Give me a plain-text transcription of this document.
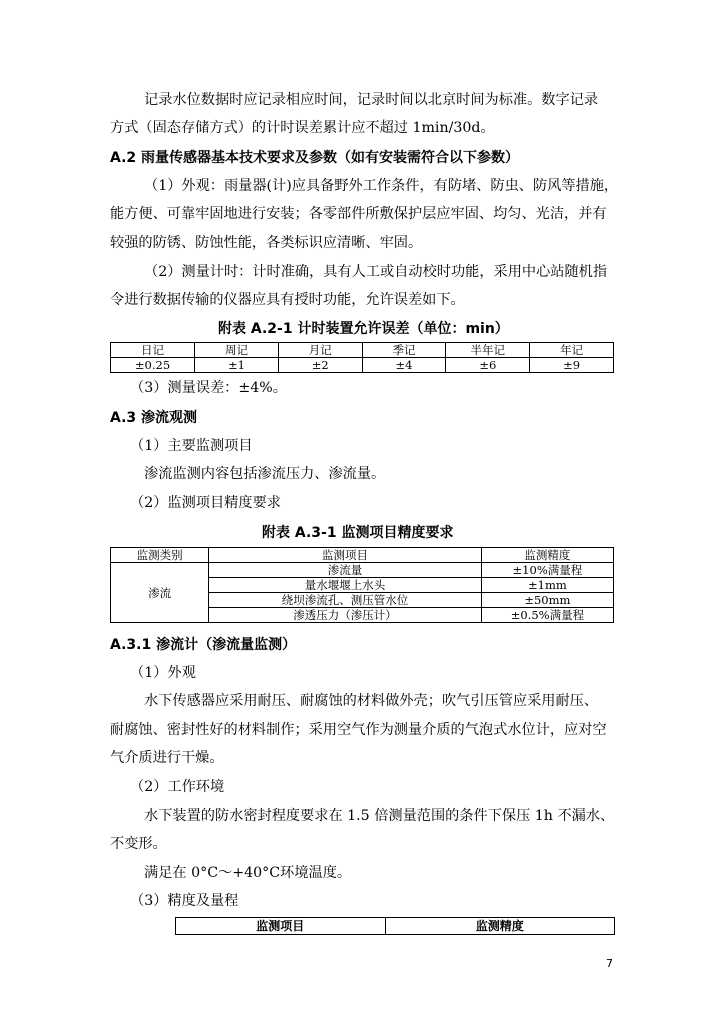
记录水位数据时应记录相应时间，记录时间以北京时间为标准。数字记录
方式（固态存储方式）的计时误差累计应不超过 1min/30d。
A.2 雨量传感器基本技术要求及参数（如有安装需符合以下参数）
（1）外观：雨量器(计)应具备野外工作条件，有防堵、防虫、防风等措施，
能方便、可靠牢固地进行安装；各零部件所敷保护层应牢固、均匀、光洁，并有
较强的防锈、防蚀性能，各类标识应清晰、牢固。
（2）测量计时：计时准确，具有人工或自动校时功能，采用中心站随机指
令进行数据传输的仪器应具有授时功能，允许误差如下。
附表 A.2-1 计时装置允许误差（单位：min）
日记	周记	月记	季记	半年记	年记
±0.25	±1	±2	±4	±6	±9
（3）测量误差：±4%。
A.3 渗流观测
（1）主要监测项目
渗流监测内容包括渗流压力、渗流量。
（2）监测项目精度要求
附表 A.3-1 监测项目精度要求
监测类别	监测项目	监测精度
渗流	渗流量	±10%满量程
	量水堰堰上水头	±1mm
	绕坝渗流孔、测压管水位	±50mm
	渗透压力（渗压计）	±0.5%满量程
A.3.1 渗流计（渗流量监测）
（1）外观
水下传感器应采用耐压、耐腐蚀的材料做外壳；吹气引压管应采用耐压、
耐腐蚀、密封性好的材料制作；采用空气作为测量介质的气泡式水位计，应对空
气介质进行干燥。
（2）工作环境
水下装置的防水密封程度要求在 1.5 倍测量范围的条件下保压 1h 不漏水、
不变形。
满足在 0°C～+40°C环境温度。
（3）精度及量程
监测项目	监测精度
7
